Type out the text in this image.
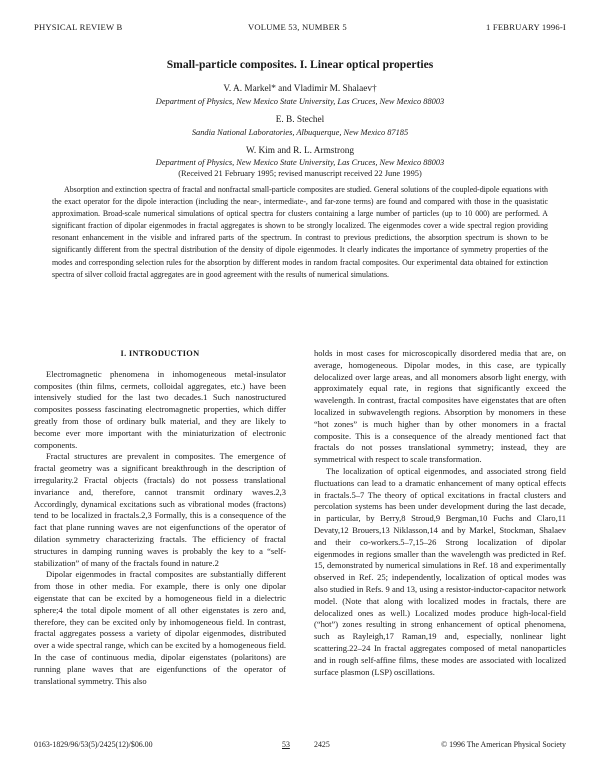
PHYSICAL REVIEW B	VOLUME 53, NUMBER 5	1 FEBRUARY 1996-I
Small-particle composites. I. Linear optical properties
V. A. Markel* and Vladimir M. Shalaev†
Department of Physics, New Mexico State University, Las Cruces, New Mexico 88003
E. B. Stechel
Sandia National Laboratories, Albuquerque, New Mexico 87185
W. Kim and R. L. Armstrong
Department of Physics, New Mexico State University, Las Cruces, New Mexico 88003
(Received 21 February 1995; revised manuscript received 22 June 1995)

Absorption and extinction spectra of fractal and nonfractal small-particle composites are studied. General solutions of the coupled-dipole equations with the exact operator for the dipole interaction (including the near-, intermediate-, and far-zone terms) are found and compared with those in the quasistatic approximation. Broad-scale numerical simulations of optical spectra for clusters containing a large number of particles (up to 10 000) are performed. A significant fraction of dipolar eigenmodes in fractal aggregates is shown to be strongly localized. The eigenmodes cover a wide spectral region providing resonant enhancement in the visible and infrared parts of the spectrum. In contrast to previous predictions, the absorption spectrum is shown to be significantly different from the spectral distribution of the density of dipole eigenmodes. It clearly indicates the importance of symmetry properties of the modes and corresponding selection rules for the absorption by different modes in random fractal composites. Our experimental data obtained for extinction spectra of silver colloid fractal aggregates are in good agreement with the results of numerical simulations.

I. INTRODUCTION

Electromagnetic phenomena in inhomogeneous metal-insulator composites (thin films, cermets, colloidal aggregates, etc.) have been intensively studied for the last two decades.1 Such nanostructured composites possess fascinating electromagnetic properties, which differ greatly from those of ordinary bulk material, and they are likely to become ever more important with the miniaturization of electronic components.

Fractal structures are prevalent in composites. The emergence of fractal geometry was a significant breakthrough in the description of irregularity.2 Fractal objects (fractals) do not possess translational invariance and, therefore, cannot transmit ordinary waves.2,3 Accordingly, dynamical excitations such as vibrational modes (fractons) tend to be localized in fractals.2,3 Formally, this is a consequence of the fact that plane running waves are not eigenfunctions of the operator of dilation symmetry characterizing fractals. The efficiency of fractal structures in damping running waves is probably the key to a “self-stabilization” of many of the fractals found in nature.2

Dipolar eigenmodes in fractal composites are substantially different from those in other media. For example, there is only one dipolar eigenstate that can be excited by a homogeneous field in a dielectric sphere;4 the total dipole moment of all other eigenstates is zero and, therefore, they can be excited only by inhomogeneous field. In contrast, fractal aggregates possess a variety of dipolar eigenmodes, distributed over a wide spectral range, which can be excited by a homogeneous field. In the case of continuous media, dipolar eigenstates (polaritons) are running plane waves that are eigenfunctions of the operator of translational symmetry. This also

holds in most cases for microscopically disordered media that are, on average, homogeneous. Dipolar modes, in this case, are typically delocalized over large areas, and all monomers absorb light energy, with approximately equal rate, in regions that significantly exceed the wavelength. In contrast, fractal composites have eigenstates that are often localized in subwavelength regions. Absorption by monomers in these “hot zones” is much higher than by other monomers in a fractal composite. This is a consequence of the already mentioned fact that fractals do not posses translational symmetry; instead, they are symmetrical with respect to scale transformation.

The localization of optical eigenmodes, and associated strong field fluctuations can lead to a dramatic enhancement of many optical effects in fractals.5–7 The theory of optical excitations in fractal clusters and percolation systems has been under development during the last decade, in particular, by Berry,8 Stroud,9 Bergman,10 Fuchs and Claro,11 Devaty,12 Brouers,13 Niklasson,14 and by Markel, Stockman, Shalaev and their co-workers.5–7,15–26 Strong localization of dipolar eigenmodes in regions smaller than the wavelength was predicted in Ref. 15, demonstrated by numerical simulations in Ref. 18 and experimentally observed in Ref. 25; independently, localization of optical modes was also studied in Refs. 9 and 13, using a resistor-inductor-capacitor network model. (Note that along with localized modes in fractals, there are delocalized ones as well.) Localized modes produce high-local-field (“hot”) zones resulting in strong enhancement of optical phenomena, such as Rayleigh,17 Raman,19 and, especially, nonlinear light scattering.22–24 In fractal aggregates composed of metal nanoparticles and in rough self-affine films, these modes are associated with localized surface plasmon (LSP) oscillations.

0163-1829/96/53(5)/2425(12)/$06.00	53	2425	© 1996 The American Physical Society
